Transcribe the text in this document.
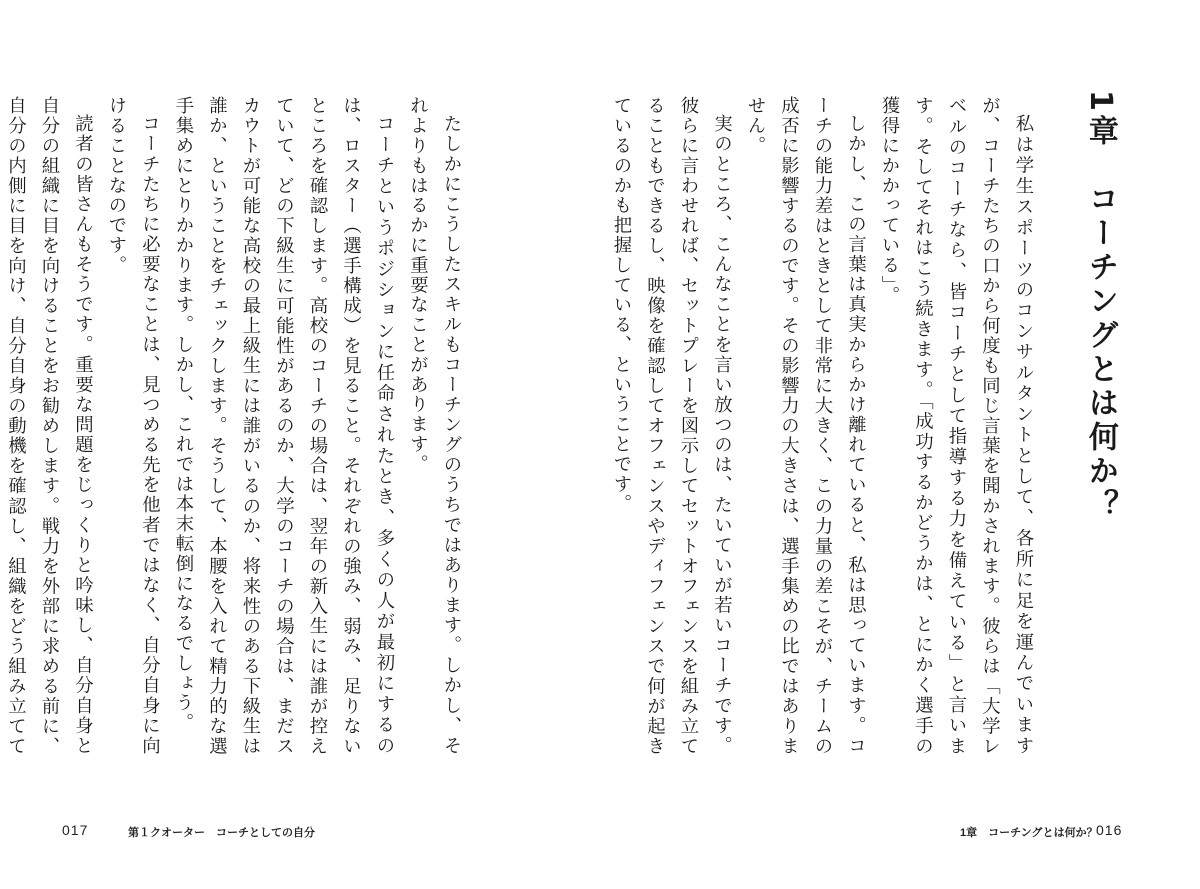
たしかにこうしたスキルもコーチングのうちではあります。しかし、それよりもはるかに重要なことがあります。

コーチというポジションに任命されたとき、多くの人が最初にするのは、ロスター（選手構成）を見ること。それぞれの強み、弱み、足りないところを確認します。高校のコーチの場合は、翌年の新入生には誰が控えていて、どの下級生に可能性があるのか、大学のコーチの場合は、まだスカウトが可能な高校の最上級生には誰がいるのか、将来性のある下級生は誰か、ということをチェックします。そうして、本腰を入れて精力的な選手集めにとりかかります。しかし、これでは本末転倒になるでしょう。

コーチたちに必要なことは、見つめる先を他者ではなく、自分自身に向けることなのです。

読者の皆さんもそうです。重要な問題をじっくりと吟味し、自分自身と自分の組織に目を向けることをお勧めします。戦力を外部に求める前に、自分の内側に目を向け、自分自身の動機を確認し、組織をどう組み立てて

017	第１クオーター　コーチとしての自分
1章　コーチングとは何か？

私は学生スポーツのコンサルタントとして、各所に足を運んでいますが、コーチたちの口から何度も同じ言葉を聞かされます。彼らは「大学レベルのコーチなら、皆コーチとして指導する力を備えている」と言います。そしてそれはこう続きます。「成功するかどうかは、とにかく選手の獲得にかかっている」。

しかし、この言葉は真実からかけ離れていると、私は思っています。コーチの能力差はときとして非常に大きく、この力量の差こそが、チームの成否に影響するのです。その影響力の大きさは、選手集めの比ではありません。

実のところ、こんなことを言い放つのは、たいていが若いコーチです。彼らに言わせれば、セットプレーを図示してセットオフェンスを組み立てることもできるし、映像を確認してオフェンスやディフェンスで何が起きているのかも把握している、ということです。

1章　コーチングとは何か？
016
